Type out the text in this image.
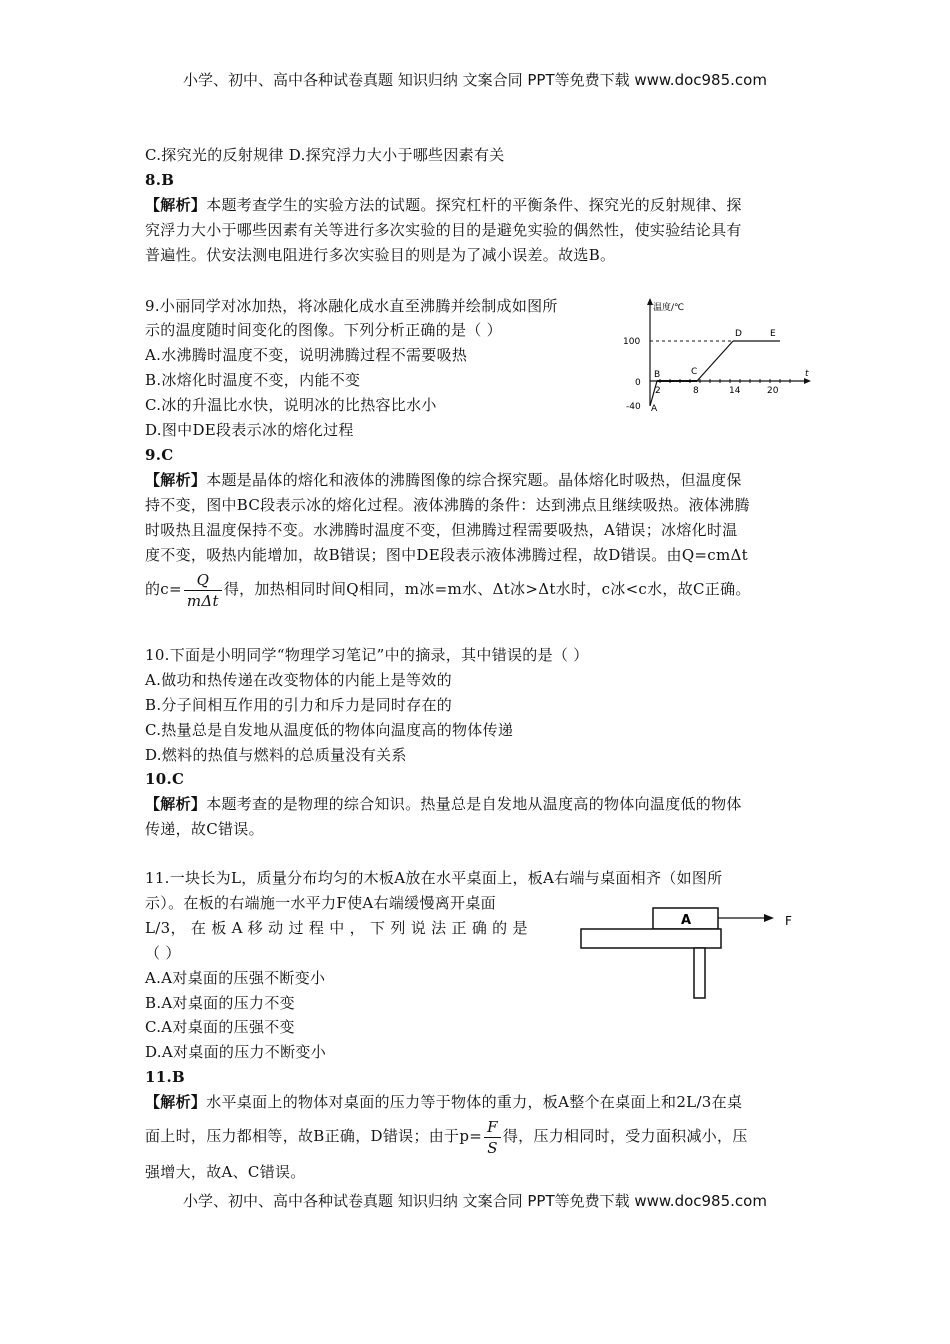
小学、初中、高中各种试卷真题 知识归纳 文案合同 PPT等免费下载 www.doc985.com
C.探究光的反射规律 D.探究浮力大小于哪些因素有关
8.B
【解析】本题考查学生的实验方法的试题。探究杠杆的平衡条件、探究光的反射规律、探
究浮力大小于哪些因素有关等进行多次实验的目的是避免实验的偶然性，使实验结论具有
普遍性。伏安法测电阻进行多次实验目的则是为了减小误差。故选B。
9.小丽同学对冰加热，将冰融化成水直至沸腾并绘制成如图所
示的温度随时间变化的图像。下列分析正确的是（ ）
A.水沸腾时温度不变，说明沸腾过程不需要吸热
B.冰熔化时温度不变，内能不变
C.冰的升温比水快，说明冰的比热容比水小
D.图中DE段表示冰的熔化过程
9.C
【解析】本题是晶体的熔化和液体的沸腾图像的综合探究题。晶体熔化时吸热，但温度保
持不变，图中BC段表示冰的熔化过程。液体沸腾的条件：达到沸点且继续吸热。液体沸腾
时吸热且温度保持不变。水沸腾时温度不变，但沸腾过程需要吸热，A错误；冰熔化时温
度不变，吸热内能增加，故B错误；图中DE段表示液体沸腾过程，故D错误。由Q=cmΔt
的$c= \frac{Q}{\text{mΔt}}$ 得，加热相同时间Q相同，m冰=m水、Δt冰>Δt水时，c冰<c水，故C正确。
温度/℃
t
100
0
-40
2	8	14	20
A
B	C
D	E
10.下面是小明同学“物理学习笔记”中的摘录，其中错误的是（ ）
A.做功和热传递在改变物体的内能上是等效的
B.分子间相互作用的引力和斥力是同时存在的
C.热量总是自发地从温度低的物体向温度高的物体传递
D.燃料的热值与燃料的总质量没有关系
10.C
【解析】本题考查的是物理的综合知识。热量总是自发地从温度高的物体向温度低的物体
传递，故C错误。
11.一块长为L，质量分布均匀的木板A放在水平桌面上，板A右端与桌面相齐（如图所
示）。在板的右端施一水平力F使A右端缓慢离开桌面
L/3， 在 板 A 移 动 过 程 中 ， 下 列 说 法 正 确 的 是
（ ）
A.A对桌面的压强不断变小
B.A对桌面的压力不变
C.A对桌面的压强不变
D.A对桌面的压力不断变小
11.B
【解析】水平桌面上的物体对桌面的压力等于物体的重力，板A整个在桌面上和2L/3在桌
面上时，压力都相等，故B正确，D错误；由于$p= \frac{F}{S}$ 得，压力相同时，受力面积减小，压
强增大，故A、C错误。
A	F
小学、初中、高中各种试卷真题 知识归纳 文案合同 PPT等免费下载 www.doc985.com
